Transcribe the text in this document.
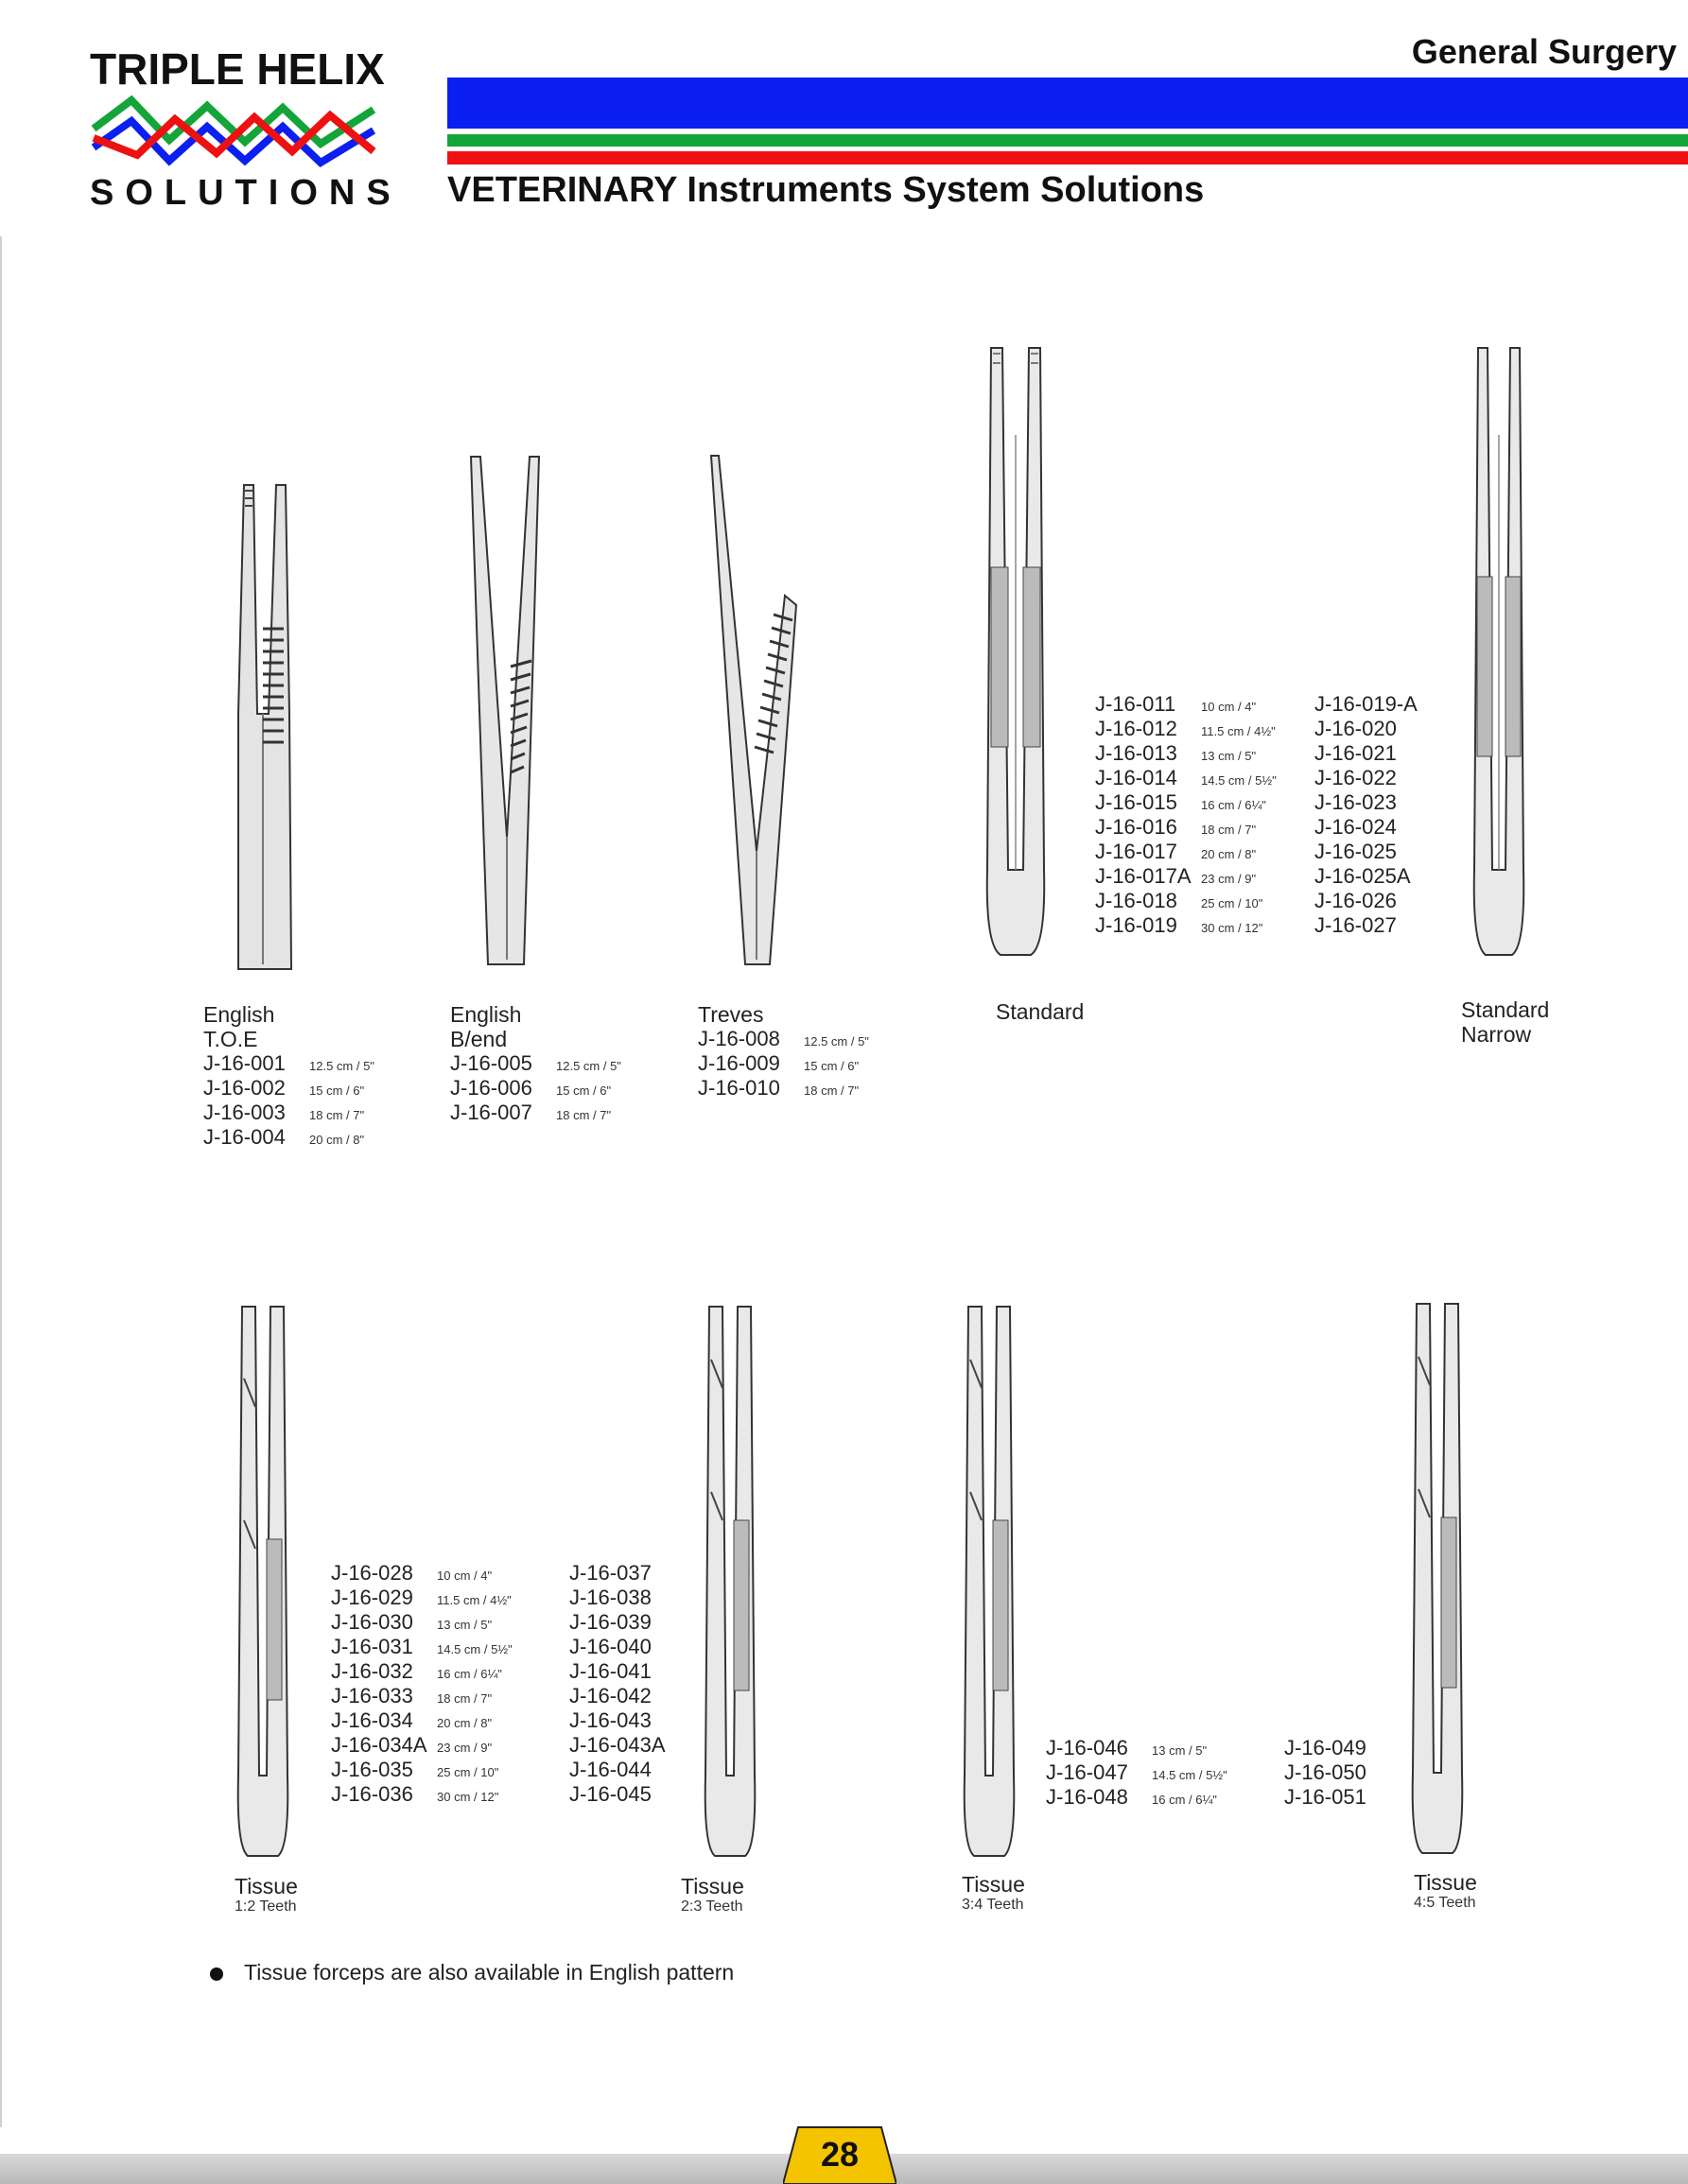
TRIPLE HELIX
SOLUTIONS
General Surgery
VETERINARY Instruments System Solutions
English
T.O.E
J-16-001	12.5 cm / 5"
J-16-002	15 cm / 6"
J-16-003	18 cm / 7"
J-16-004	20 cm / 8"
English
B/end
J-16-005	12.5 cm / 5"
J-16-006	15 cm / 6"
J-16-007	18 cm / 7"
Treves
J-16-008	12.5 cm / 5"
J-16-009	15 cm / 6"
J-16-010	18 cm / 7"
J-16-011	10 cm / 4"	J-16-019-A
J-16-012	11.5 cm / 4½"	J-16-020
J-16-013	13 cm / 5"	J-16-021
J-16-014	14.5 cm / 5½"	J-16-022
J-16-015	16 cm / 6¼"	J-16-023
J-16-016	18 cm / 7"	J-16-024
J-16-017	20 cm / 8"	J-16-025
J-16-017A 23 cm / 9"	J-16-025A
J-16-018	25 cm / 10"	J-16-026
J-16-019	30 cm / 12"	J-16-027
Standard	Standard
Narrow
J-16-028	10 cm / 4"	J-16-037
J-16-029	11.5 cm / 4½"	J-16-038
J-16-030	13 cm / 5"	J-16-039
J-16-031	14.5 cm / 5½"	J-16-040
J-16-032	16 cm / 6¼"	J-16-041
J-16-033	18 cm / 7"	J-16-042
J-16-034	20 cm / 8"	J-16-043
J-16-034A 23 cm / 9"	J-16-043A
J-16-035	25 cm / 10"	J-16-044
J-16-036	30 cm / 12"	J-16-045
J-16-046	13 cm / 5"	J-16-049
J-16-047	14.5 cm / 5½"	J-16-050
J-16-048	16 cm / 6¼"	J-16-051
Tissue
1:2 Teeth
Tissue
2:3 Teeth
Tissue
3:4 Teeth
Tissue
4:5 Teeth
Tissue forceps are also available in English pattern
28
